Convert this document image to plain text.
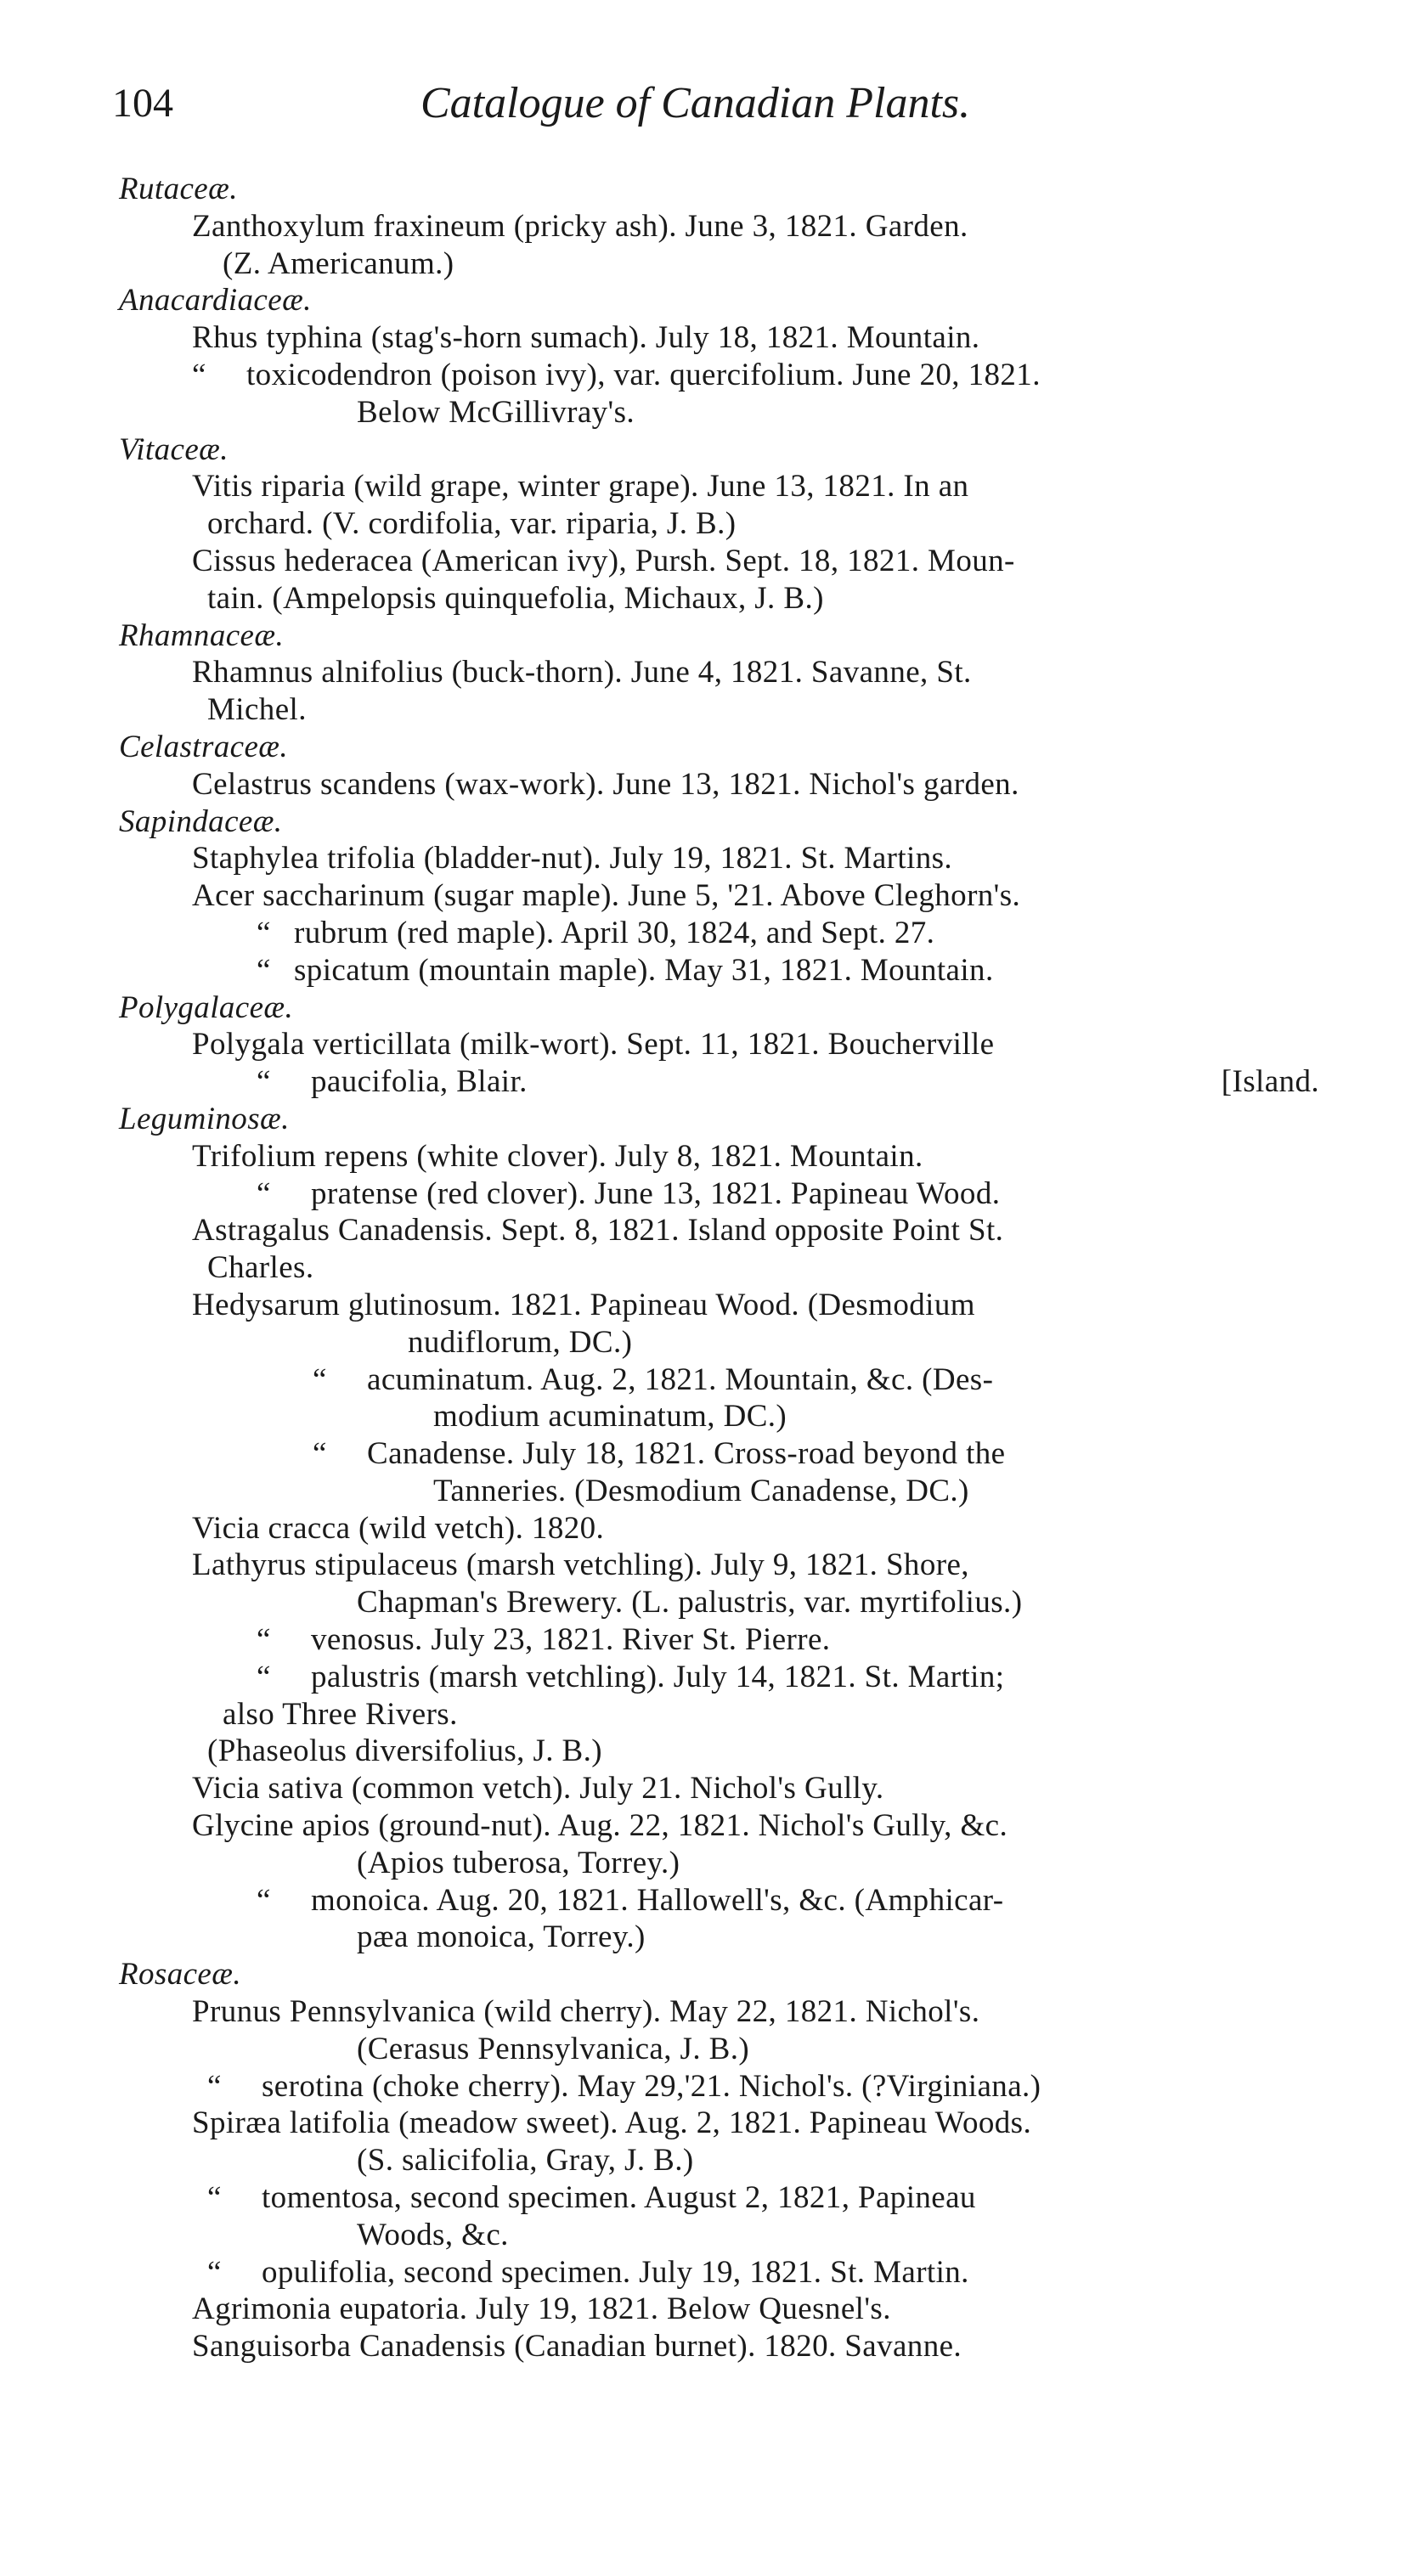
104	Catalogue of Canadian Plants.
Rutaceæ.
Zanthoxylum fraxineum (pricky ash). June 3, 1821. Garden.
(Z. Americanum.)
Anacardiaceæ.
Rhus typhina (stag's-horn sumach). July 18, 1821. Mountain.
“ toxicodendron (poison ivy), var. quercifolium. June 20, 1821.
Below McGillivray's.
Vitaceæ.
Vitis riparia (wild grape, winter grape). June 13, 1821. In an
orchard. (V. cordifolia, var. riparia, J. B.)
Cissus hederacea (American ivy), Pursh. Sept. 18, 1821. Moun-
tain. (Ampelopsis quinquefolia, Michaux, J. B.)
Rhamnaceæ.
Rhamnus alnifolius (buck-thorn). June 4, 1821. Savanne, St.
Michel.
Celastraceæ.
Celastrus scandens (wax-work). June 13, 1821. Nichol's garden.
Sapindaceæ.
Staphylea trifolia (bladder-nut). July 19, 1821. St. Martins.
Acer saccharinum (sugar maple). June 5, '21. Above Cleghorn's.
“ rubrum (red maple). April 30, 1824, and Sept. 27.
“ spicatum (mountain maple). May 31, 1821. Mountain.
Polygalaceæ.
Polygala verticillata (milk-wort). Sept. 11, 1821. Boucherville
“ paucifolia, Blair.	[Island.
Leguminosæ.
Trifolium repens (white clover). July 8, 1821. Mountain.
“ pratense (red clover). June 13, 1821. Papineau Wood.
Astragalus Canadensis. Sept. 8, 1821. Island opposite Point St.
Charles.
Hedysarum glutinosum. 1821. Papineau Wood. (Desmodium
nudiflorum, DC.)
“ acuminatum. Aug. 2, 1821. Mountain, &c. (Des-
modium acuminatum, DC.)
“ Canadense. July 18, 1821. Cross-road beyond the
Tanneries. (Desmodium Canadense, DC.)
Vicia cracca (wild vetch). 1820.
Lathyrus stipulaceus (marsh vetchling). July 9, 1821. Shore,
Chapman's Brewery. (L. palustris, var. myrtifolius.)
“ venosus. July 23, 1821. River St. Pierre.
“ palustris (marsh vetchling). July 14, 1821. St. Martin;
also Three Rivers.
(Phaseolus diversifolius, J. B.)
Vicia sativa (common vetch). July 21. Nichol's Gully.
Glycine apios (ground-nut). Aug. 22, 1821. Nichol's Gully, &c.
(Apios tuberosa, Torrey.)
“ monoica. Aug. 20, 1821. Hallowell's, &c. (Amphicar-
pæa monoica, Torrey.)
Rosaceæ.
Prunus Pennsylvanica (wild cherry). May 22, 1821. Nichol's.
(Cerasus Pennsylvanica, J. B.)
“ serotina (choke cherry). May 29,'21. Nichol's. (?Virginiana.)
Spiræa latifolia (meadow sweet). Aug. 2, 1821. Papineau Woods.
(S. salicifolia, Gray, J. B.)
“ tomentosa, second specimen. August 2, 1821, Papineau
Woods, &c.
“ opulifolia, second specimen. July 19, 1821. St. Martin.
Agrimonia eupatoria. July 19, 1821. Below Quesnel's.
Sanguisorba Canadensis (Canadian burnet). 1820. Savanne.
